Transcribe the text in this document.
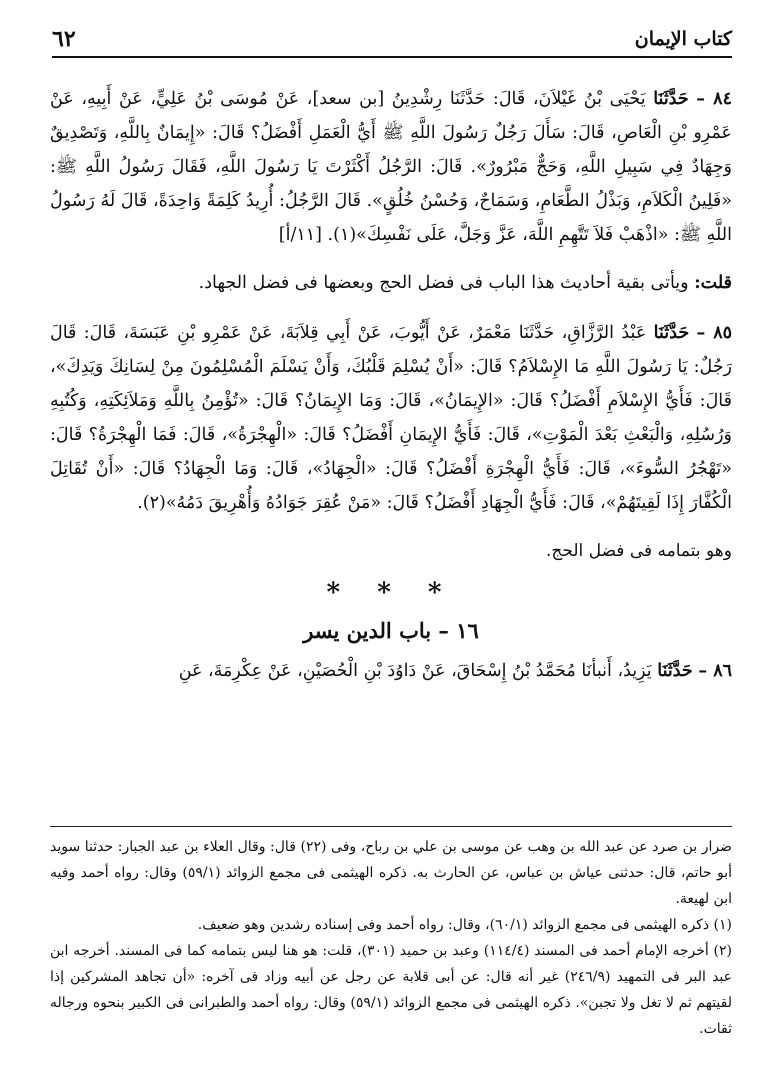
كتاب الإيمان
٦٢

٨٤ – حَدَّثَنَا يَحْيَى بْنُ غَيْلاَنَ، قَالَ: حَدَّثَنَا رِشْدِينُ [بن سعد]، عَنْ مُوسَى بْنُ عَلِيٍّ، عَنْ أَبِيهِ، عَنْ عَمْرِو بْنِ الْعَاصِ، قَالَ: سَأَلَ رَجُلٌ رَسُولَ اللَّهِ ﷺ أَيُّ الْعَمَلِ أَفْضَلُ؟ قَالَ: «إِيمَانٌ بِاللَّهِ، وَتَصْدِيقٌ وَجِهَادٌ فِي سَبِيلِ اللَّهِ، وَحَجٌّ مَبْرُورٌ». قَالَ: الرَّجُلُ أَكْثَرْتَ يَا رَسُولَ اللَّهِ، فَقَالَ رَسُولُ اللَّهِ ﷺ: «فَلِينُ الْكَلاَمِ، وَبَذْلُ الطَّعَامِ، وَسَمَاحٌ، وَحُسْنُ خُلُقٍ». قَالَ الرَّجُلُ: أُرِيدُ كَلِمَةً وَاحِدَةً، قَالَ لَهُ رَسُولُ اللَّهِ ﷺ: «اذْهَبْ فَلاَ تَتَّهِمِ اللَّهَ، عَزَّ وَجَلَّ، عَلَى نَفْسِكَ»(١). [١١/أ]

قلت: ويأتى بقية أحاديث هذا الباب فى فضل الحج وبعضها فى فضل الجهاد.

٨٥ – حَدَّثَنَا عَبْدُ الرَّزَّاقِ، حَدَّثَنَا مَعْمَرٌ، عَنْ أَيُّوبَ، عَنْ أَبِي قِلاَبَةَ، عَنْ عَمْرِو بْنِ عَبَسَةَ، قَالَ: قَالَ رَجُلٌ: يَا رَسُولَ اللَّهِ مَا الإِسْلاَمُ؟ قَالَ: «أَنْ يُسْلِمَ قَلْبُكَ، وَأَنْ يَسْلَمَ الْمُسْلِمُونَ مِنْ لِسَانِكَ وَيَدِكَ»، قَالَ: فَأَيُّ الإِسْلاَمِ أَفْضَلُ؟ قَالَ: «الإِيمَانُ»، قَالَ: وَمَا الإِيمَانُ؟ قَالَ: «تُؤْمِنُ بِاللَّهِ وَمَلاَئِكَتِهِ، وَكُتُبِهِ وَرُسُلِهِ، وَالْبَعْثِ بَعْدَ الْمَوْتِ»، قَالَ: فَأَيُّ الإِيمَانِ أَفْضَلُ؟ قَالَ: «الْهِجْرَةُ»، قَالَ: فَمَا الْهِجْرَةُ؟ قَالَ: «تَهْجُرُ السُّوءَ»، قَالَ: فَأَيُّ الْهِجْرَةِ أَفْضَلُ؟ قَالَ: «الْجِهَادُ»، قَالَ: وَمَا الْجِهَادُ؟ قَالَ: «أَنْ تُقَاتِلَ الْكُفَّارَ إِذَا لَقِيتَهُمْ»، قَالَ: فَأَيُّ الْجِهَادِ أَفْضَلُ؟ قَالَ: «مَنْ عُقِرَ جَوَادُهُ وَأُهْرِيقَ دَمُهُ»(٢).

وهو بتمامه فى فضل الحج.

* * *
١٦ – باب الدين يسر

٨٦ – حَدَّثَنَا يَزِيدُ، أَنبأنَا مُحَمَّدُ بْنُ إِسْحَاقَ، عَنْ دَاوُدَ بْنِ الْحُصَيْنِ، عَنْ عِكْرِمَةَ، عَنِ

ضرار بن صرد عن عبد الله بن وهب عن موسى بن علي بن رباح، وفى (٢٢) قال: وقال العلاء بن عبد الجبار: حدثنا سويد أبو حاتم، قال: حدثنى عياش بن عباس، عن الحارث به. ذكره الهيثمى فى مجمع الزوائد (٥٩/١) وقال: رواه أحمد وفيه ابن لهيعة.

(١) ذكره الهيثمى فى مجمع الزوائد (٦٠/١)، وقال: رواه أحمد وفى إسناده رشدين وهو ضعيف.

(٢) أخرجه الإمام أحمد فى المسند (١١٤/٤) وعبد بن حميد (٣٠١)، قلت: هو هنا ليس بتمامه كما فى المسند. أخرجه ابن عبد البر فى التمهيد (٢٤٦/٩) غير أنه قال: عن أبى قلابة عن رجل عن أبيه وزاد فى آخره: «أن تجاهد المشركين إذا لقيتهم ثم لا تغل ولا تجبن». ذكره الهيثمى فى مجمع الزوائد (٥٩/١) وقال: رواه أحمد والطبرانى فى الكبير بنحوه ورجاله ثقات.
